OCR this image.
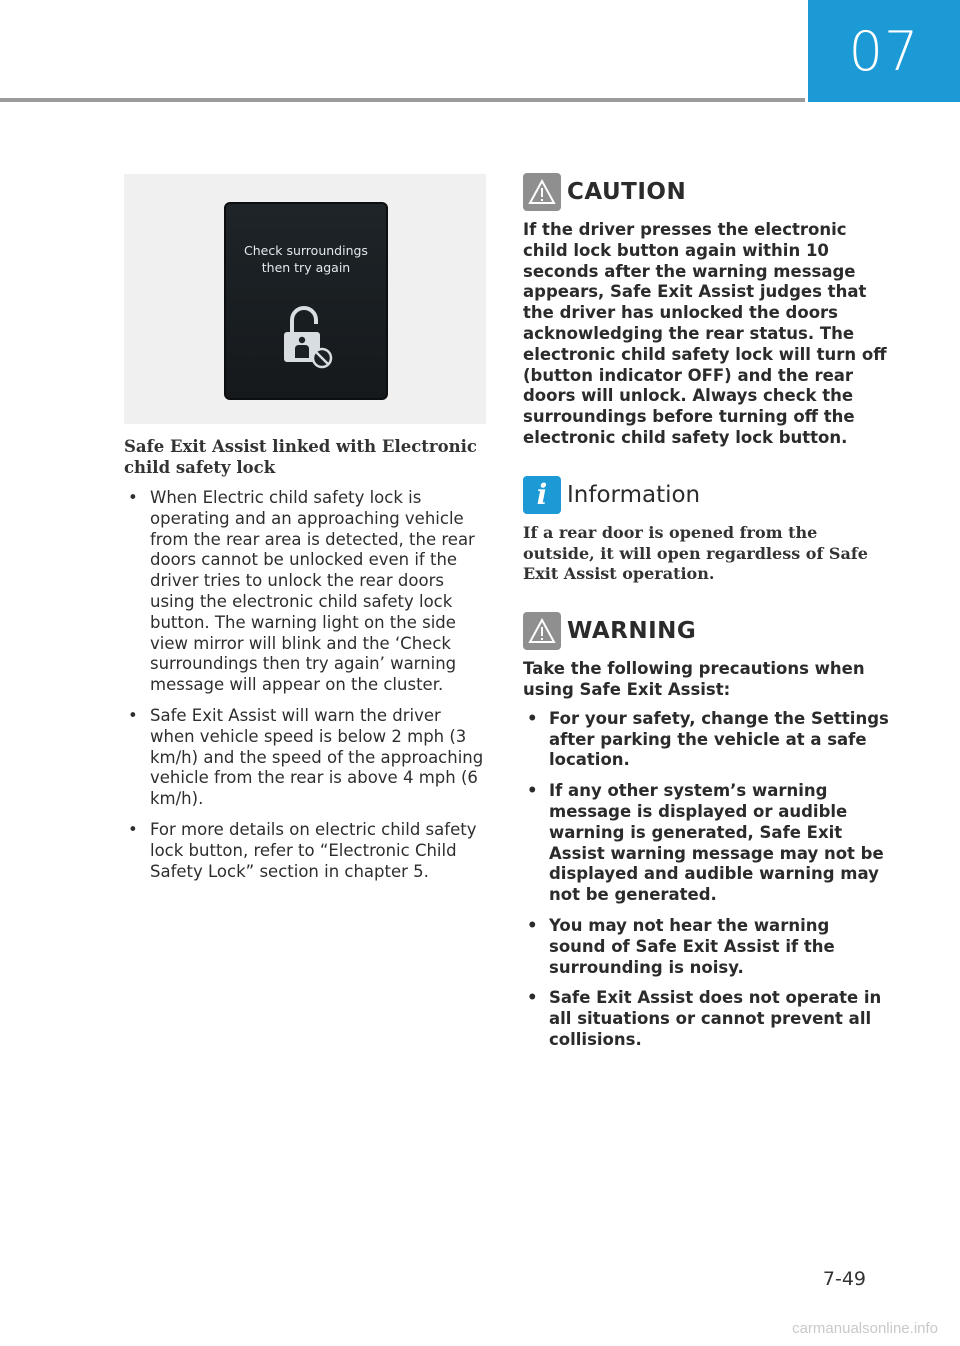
07
Check surroundings
then try again
Safe Exit Assist linked with Electronic child safety lock
• When Electric child safety lock is operating and an approaching vehicle from the rear area is detected, the rear doors cannot be unlocked even if the driver tries to unlock the rear doors using the electronic child safety lock button. The warning light on the side view mirror will blink and the ‘Check surroundings then try again’ warning message will appear on the cluster.
• Safe Exit Assist will warn the driver when vehicle speed is below 2 mph (3 km/h) and the speed of the approaching vehicle from the rear is above 4 mph (6 km/h).
• For more details on electric child safety lock button, refer to “Electronic Child Safety Lock” section in chapter 5.
CAUTION

If the driver presses the electronic child lock button again within 10 seconds after the warning message appears, Safe Exit Assist judges that the driver has unlocked the doors acknowledging the rear status. The electronic child safety lock will turn off (button indicator OFF) and the rear doors will unlock. Always check the surroundings before turning off the electronic child safety lock button.

i Information

If a rear door is opened from the outside, it will open regardless of Safe Exit Assist operation.

WARNING

Take the following precautions when using Safe Exit Assist:

• For your safety, change the Settings after parking the vehicle at a safe location.
• If any other system’s warning message is displayed or audible warning is generated, Safe Exit Assist warning message may not be displayed and audible warning may not be generated.
• You may not hear the warning sound of Safe Exit Assist if the surrounding is noisy.
• Safe Exit Assist does not operate in all situations or cannot prevent all collisions.
7-49
carmanualsonline.info
